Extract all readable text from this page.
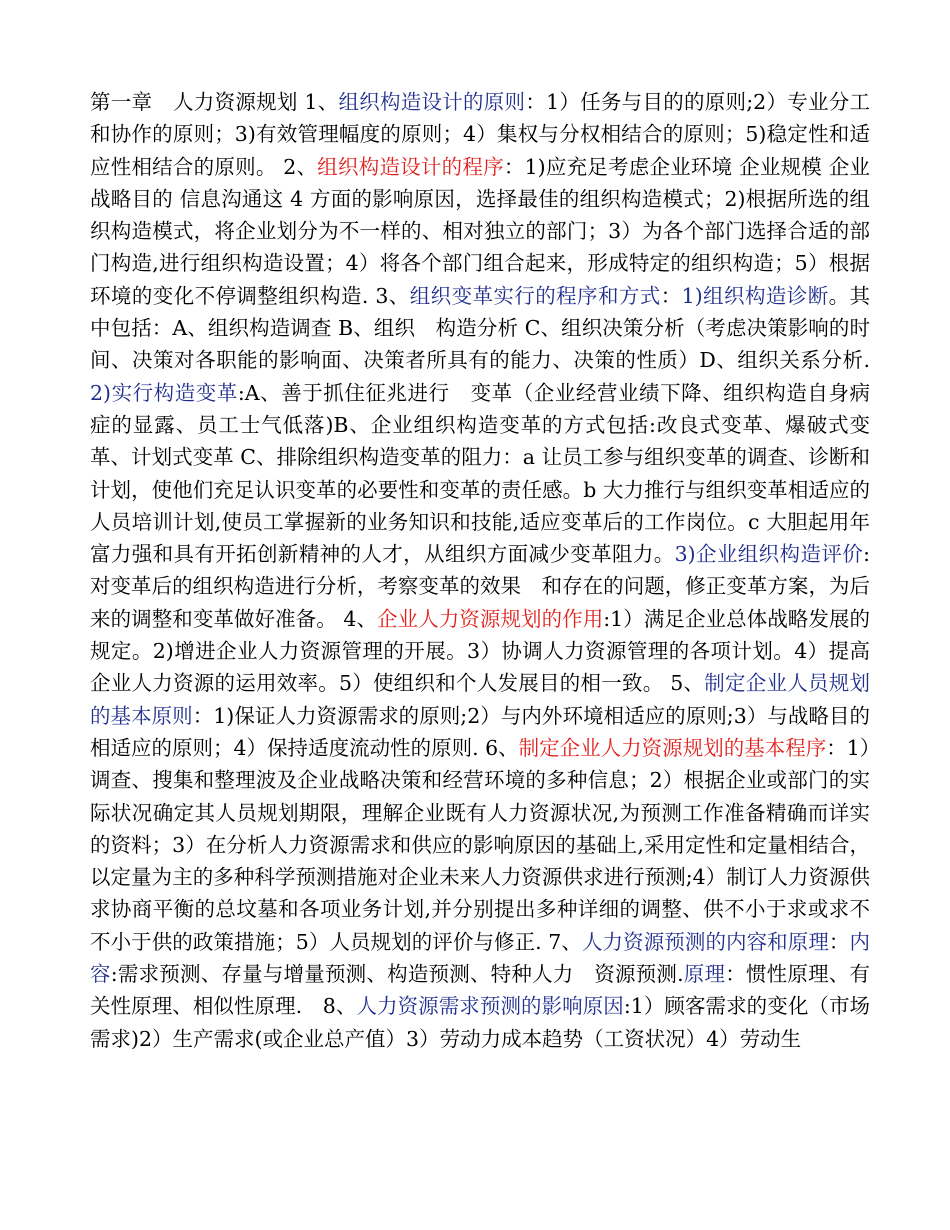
第一章　人力资源规划 1、组织构造设计的原则：1）任务与目的的原则;2）专业分工和协作的原则；3)有效管理幅度的原则；4）集权与分权相结合的原则；5)稳定性和适应性相结合的原则。 2、组织构造设计的程序：1)应充足考虑企业环境 企业规模 企业战略目的 信息沟通这 4 方面的影响原因，选择最佳的组织构造模式；2)根据所选的组织构造模式，将企业划分为不一样的、相对独立的部门；3）为各个部门选择合适的部门构造,进行组织构造设置；4）将各个部门组合起来，形成特定的组织构造；5）根据环境的变化不停调整组织构造. 3、组织变革实行的程序和方式：1)组织构造诊断。其中包括：A、组织构造调查 B、组织　构造分析 C、组织决策分析（考虑决策影响的时间、决策对各职能的影响面、决策者所具有的能力、决策的性质）D、组织关系分析.2)实行构造变革:A、善于抓住征兆进行　变革（企业经营业绩下降、组织构造自身病症的显露、员工士气低落)B、企业组织构造变革的方式包括:改良式变革、爆破式变革、计划式变革 C、排除组织构造变革的阻力：a 让员工参与组织变革的调查、诊断和计划，使他们充足认识变革的必要性和变革的责任感。b 大力推行与组织变革相适应的人员培训计划,使员工掌握新的业务知识和技能,适应变革后的工作岗位。c 大胆起用年富力强和具有开拓创新精神的人才，从组织方面减少变革阻力。3)企业组织构造评价:对变革后的组织构造进行分析，考察变革的效果　和存在的问题，修正变革方案，为后来的调整和变革做好准备。 4、企业人力资源规划的作用:1）满足企业总体战略发展的规定。2)增进企业人力资源管理的开展。3）协调人力资源管理的各项计划。4）提高企业人力资源的运用效率。5）使组织和个人发展目的相一致。 5、制定企业人员规划的基本原则：1)保证人力资源需求的原则;2）与内外环境相适应的原则;3）与战略目的相适应的原则；4）保持适度流动性的原则. 6、制定企业人力资源规划的基本程序：1）调查、搜集和整理波及企业战略决策和经营环境的多种信息；2）根据企业或部门的实际状况确定其人员规划期限，理解企业既有人力资源状况,为预测工作准备精确而详实的资料；3）在分析人力资源需求和供应的影响原因的基础上,采用定性和定量相结合，以定量为主的多种科学预测措施对企业未来人力资源供求进行预测;4）制订人力资源供求协商平衡的总坟墓和各项业务计划,并分别提出多种详细的调整、供不小于求或求不不小于供的政策措施；5）人员规划的评价与修正. 7、人力资源预测的内容和原理：内容:需求预测、存量与增量预测、构造预测、特种人力　资源预测.原理：惯性原理、有关性原理、相似性原理.　8、人力资源需求预测的影响原因:1）顾客需求的变化（市场需求)2）生产需求(或企业总产值）3）劳动力成本趋势（工资状况）4）劳动生
